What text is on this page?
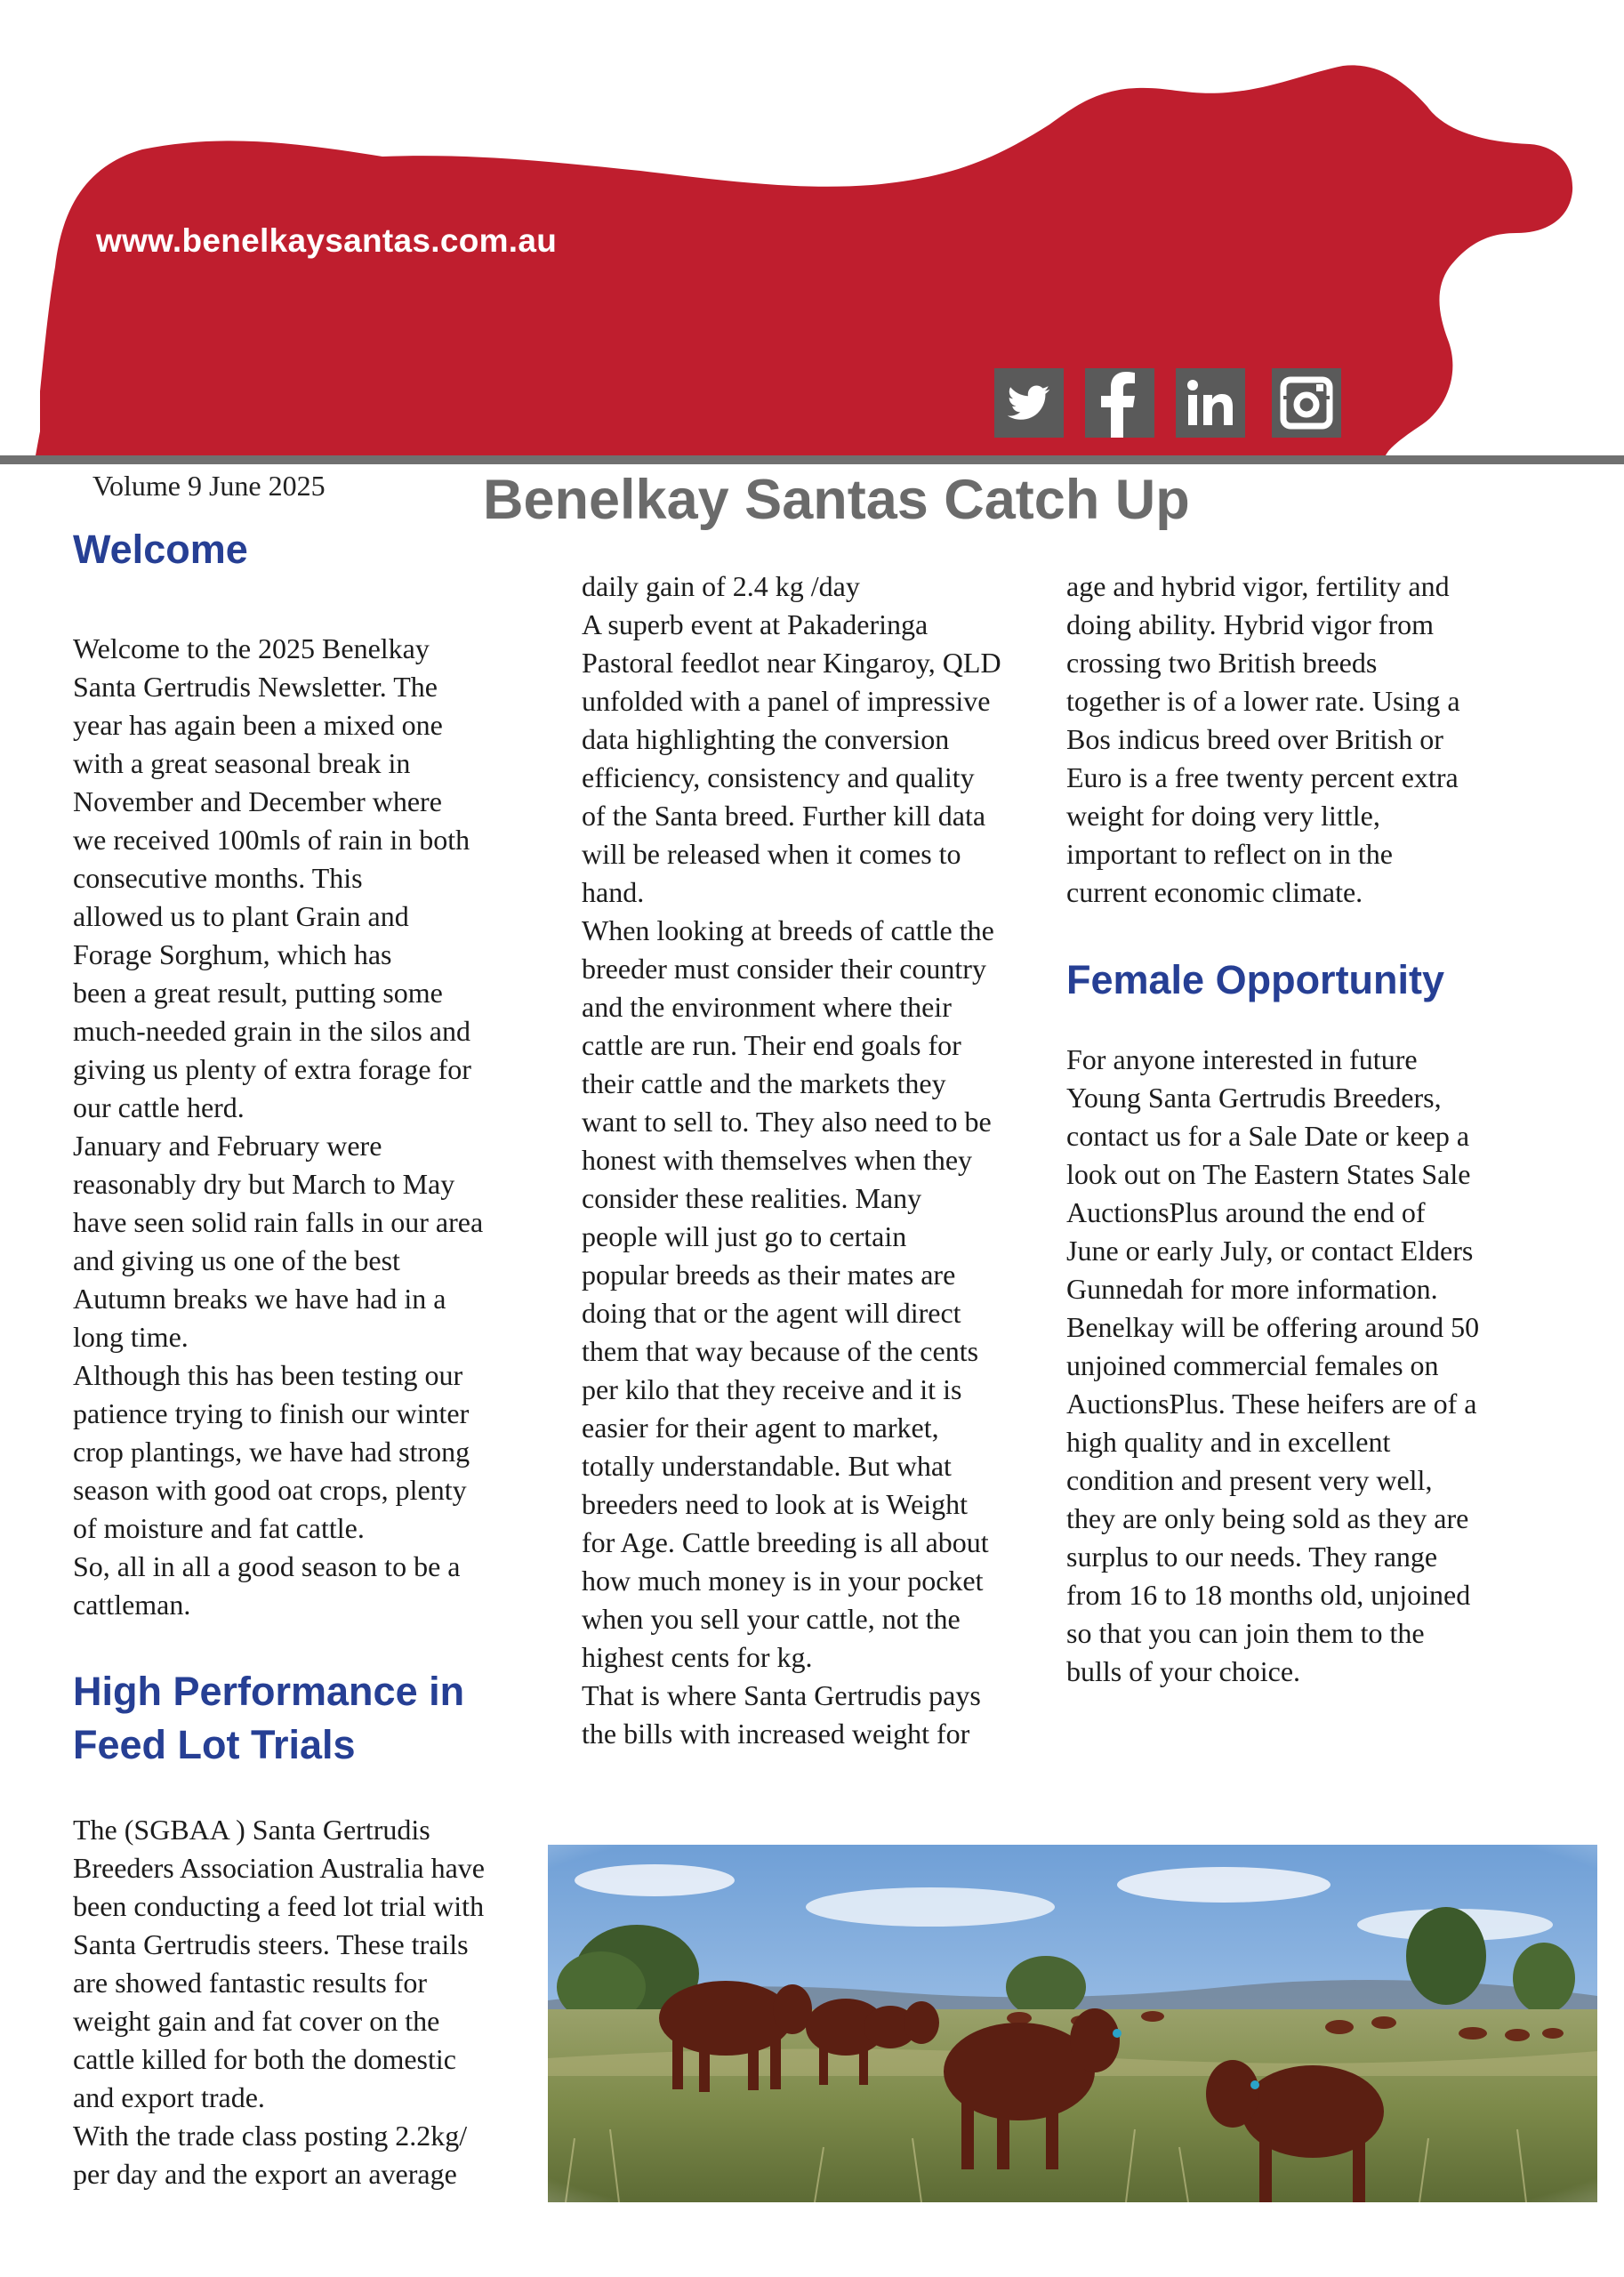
www.benelkaysantas.com.au
Volume 9 June 2025	Benelkay Santas Catch Up
Welcome

Welcome to the 2025 Benelkay

Santa Gertrudis Newsletter. The

year has again been a mixed one

with a great seasonal break in

November and December where

we received 100mls of rain in both

consecutive months. This

allowed us to plant Grain and

Forage Sorghum, which has

been a great result, putting some

much-needed grain in the silos and

giving us plenty of extra forage for

our cattle herd.

January and February were

reasonably dry but March to May

have seen solid rain falls in our area

and giving us one of the best

Autumn breaks we have had in a

long time.

Although this has been testing our

patience trying to finish our winter

crop plantings, we have had strong

season with good oat crops, plenty

of moisture and fat cattle.

So, all in all a good season to be a

cattleman.

High Performance in
Feed Lot Trials

The (SGBAA ) Santa Gertrudis

Breeders Association Australia have

been conducting a feed lot trial with

Santa Gertrudis steers. These trails

are showed fantastic results for

weight gain and fat cover on the

cattle killed for both the domestic

and export trade.

With the trade class posting 2.2kg/

per day and the export an average

daily gain of 2.4 kg /day

A superb event at Pakaderinga

Pastoral feedlot near Kingaroy, QLD

unfolded with a panel of impressive

data highlighting the conversion

efficiency, consistency and quality

of the Santa breed. Further kill data

will be released when it comes to

hand.

When looking at breeds of cattle the

breeder must consider their country

and the environment where their

cattle are run. Their end goals for

their cattle and the markets they

want to sell to. They also need to be

honest with themselves when they

consider these realities. Many

people will just go to certain

popular breeds as their mates are

doing that or the agent will direct

them that way because of the cents

per kilo that they receive and it is

easier for their agent to market,

totally understandable. But what

breeders need to look at is Weight

for Age. Cattle breeding is all about

how much money is in your pocket

when you sell your cattle, not the

highest cents for kg.

That is where Santa Gertrudis pays

the bills with increased weight for

age and hybrid vigor, fertility and

doing ability. Hybrid vigor from

crossing two British breeds

together is of a lower rate. Using a

Bos indicus breed over British or

Euro is a free twenty percent extra

weight for doing very little,

important to reflect on in the

current economic climate.

Female Opportunity

For anyone interested in future

Young Santa Gertrudis Breeders,

contact us for a Sale Date or keep a

look out on The Eastern States Sale

AuctionsPlus around the end of

June or early July, or contact Elders

Gunnedah for more information.

Benelkay will be offering around 50

unjoined commercial females on

AuctionsPlus. These heifers are of a

high quality and in excellent

condition and present very well,

they are only being sold as they are

surplus to our needs. They range

from 16 to 18 months old, unjoined

so that you can join them to the

bulls of your choice.
